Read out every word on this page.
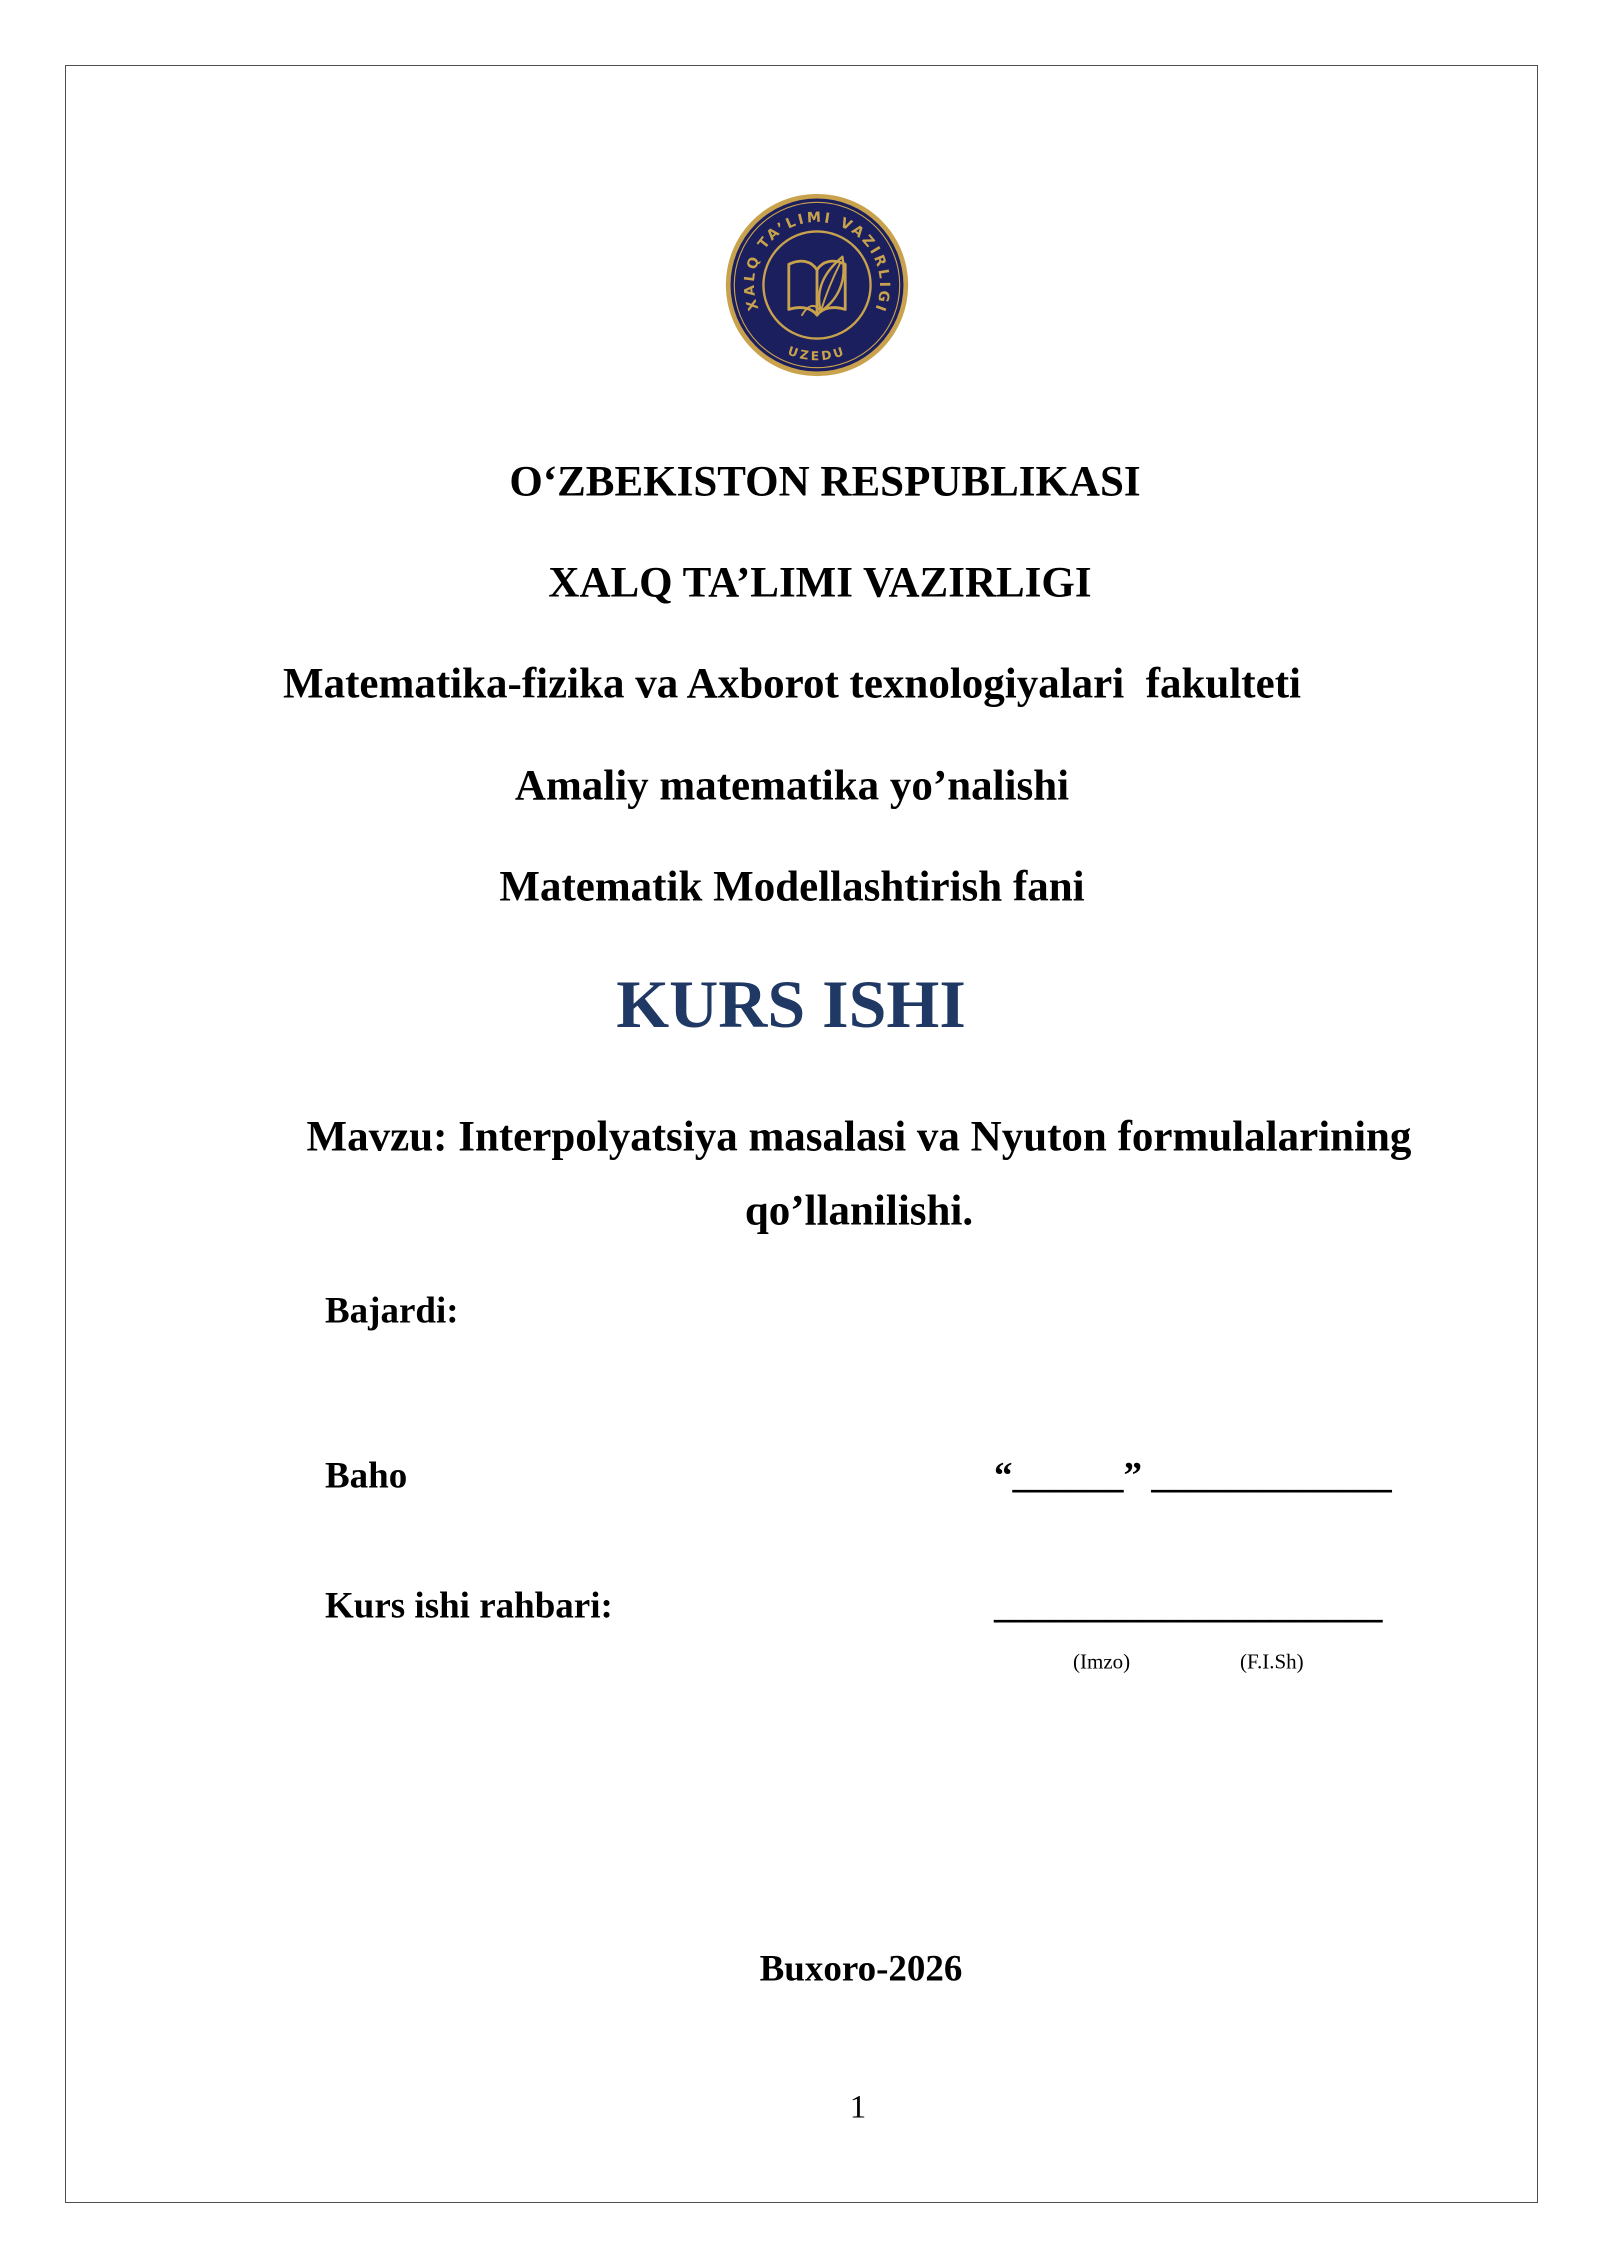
XALQ TA’LIMI VAZIRLIGI
UZEDU
O‘ZBEKISTON RESPUBLIKASI
XALQ TA’LIMI VAZIRLIGI
Matematika-fizika va Axborot texnologiyalari  fakulteti
Amaliy matematika yo’nalishi
Matematik Modellashtirish fani
KURS ISHI
Mavzu: Interpolyatsiya masalasi va Nyuton formulalarining
qo’llanilishi.
Bajardi:
Baho	“______” _____________
Kurs ishi rahbari:	_____________________
(Imzo)	(F.I.Sh)
Buxoro-2026
1
